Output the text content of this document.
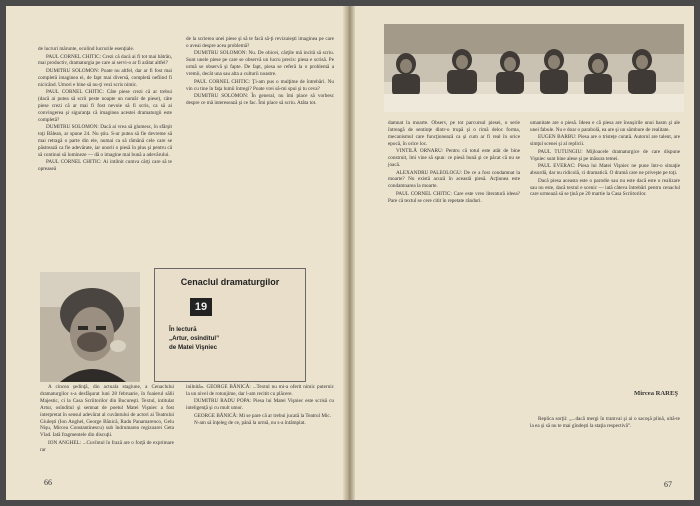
de lucruri mărunte, ocolind lucrurile esenţiale.

PAUL CORNEL CHITIC: Crezi că dacă ai fi tot mai bătrân, mai productiv, dramaturgia pe care ai servi-o ar fi arătat altfel?

DUMITRU SOLOMON: Poate nu altfel, dar ar fi fost mai completă imaginea ei, de fapt mai diversă, completă nefiind fi nicicând. Umori e bine să nu-ţi vezi scris nimic.

PAUL CORNEL CHITIC: Câte piese crezi că ar trebui (dacă ai putea să scrii peste noapte un număr de piese), câte piese crezi că ar mai fi fost nevoie să fi scris, ca să ai convingerea şi siguranţa că imaginea acestei dramaturgii este completă?

DUMITRU SOLOMON: Dacă ai vrea să glumesc, în sfârşit toţi Bălean, ar spune 24. Nu ştiu. S-ar putea să fie devreme să mai retragă o parte din ele, numai ca să rămână cele care se păstrează ca fie adevărate, iar unorii o piesă în plus şi pentru că să continui să lumineze — dă o imagine mai bună a adevărului.

PAUL CORNEL CHITIC: Ai intilnit cumva cărţi care să te opreaseă

de la scrierea unei piese şi să te facă să-ţi revizuieşti imaginea pe care o aveai despre acea problemă?

DUMITRU SOLOMON: Nu. De obicei, cărţile mă incită să scriu. Sunt unele piese pe care se observă un lucru precis: piesa e scrisă. Pe urmă se observă şi fapte. De fapt, piesa se referă la o problemă a vremii, decât una sau alta a culturii noastre.

PAUL CORNEL CHITIC: Ţi-am pus o mulţime de întrebări. Nu vin cu tine în faţa lumii întregi? Poate vrei să-mi spui şi tu ceva?

DUMITRU SOLOMON: În general, nu îmi place să vorbesc despre ce mă interesează şi ce fac. Îmi place să scriu. Atâta tot.

Cenaclul dramaturgilor
19
În lectură
„Artur, osînditul”
de Matei Vişniec

A cincea şedinţă, din actuala stagiune, a Cenaclului dramaturgilor s-a desfăşurat luni 28 februarie, în foaierul sălii Majestic, ci la Casa Scriitorilor din Bucureşti. Textul, intitulat Artur, osînditul şi semnat de poetul Matei Vişniec a fost interpretat în sensul adevărat al cuvântului de actori ai Teatrului Giuleşti (Ion Anghel, George Bănică, Radu Panamarenco, Gelu Nişu, Mircea Constantinescu) sub îndrumarea regizoarei Geta Vlad. Iată fragmentele din discuţii.

ION ANGHEL: ...Cuvîntul în frază are o forţă de exprimare rar

inilnită». GEORGE BĂNICĂ: ...Textul nu mi-a oferit nimic puternic la un nivel de rotunjime, dar l-am recitit cu plăcere.

DUMITRU RADU POPA: Piesa lui Matei Vişniec este scrisă cu inteligenţă şi cu mult umor.

GEORGE BĂNICĂ: Mi se pare că ar trebui jucată la Teatrul Mic.

N-am să înţeleg de ce, până la urmă, nu s-a întâmplat.

66

damnat la moarte. Observ, pe tot parcursul piesei, o serie întreagă de sentinţe dintr-o trupă şi o rimă deloc forma, mecanismul care funcţionează ca şi cum ar fi real în orice epocă, în orice loc.

VINTILĂ ORNARU: Pentru că totul este atât de bine construit, îmi vine să spun: ce piesă bună şi ce păcat că nu se joacă.

ALEXANDRU PALEOLOGU: De ce a fost condamnat la moarte? Nu există acuză în această piesă. Acţiunea este condamnarea la moarte.

PAUL CORNEL CHITIC: Care este vreo literatură ideea? Pare că textul se cere citit în repetate rânduri.

umanitate are o piesă. Ideea e că piesa are însuşirile unui basm şi ale unei fabule. Nu e doar o parabolă, ea are şi un sâmbure de realitate.

EUGEN BARBU: Piesa are o tristeţe curată. Autorul are talent, are simţul scenei şi al replicii.

PAUL TUTUNGIU: Mijloacele dramaturgice de care dispune Vişniec sunt bine alese şi pe măsura temei.

PAUL EVERAC: Piesa lui Matei Vişniec ne pune într-o situaţie absurdă, dar nu ridicolă, ci dramatică. O dramă care ne priveşte pe toţi.

Dacă piesa aceasta este o parodie sau nu este dacă este o realizare sau nu este, dacă textul e scenic — iată câteva întrebări pentru cenaclul care urmează să se ţină pe 20 martie la Casa Scriitorilor.

Mircea RAREŞ

Replica sorţii: „...dacă mergi în tramvai şi ai o sacoşă plină, uită-te la ea şi să nu te mai gîndeşti la staţia respectivă”.

67
